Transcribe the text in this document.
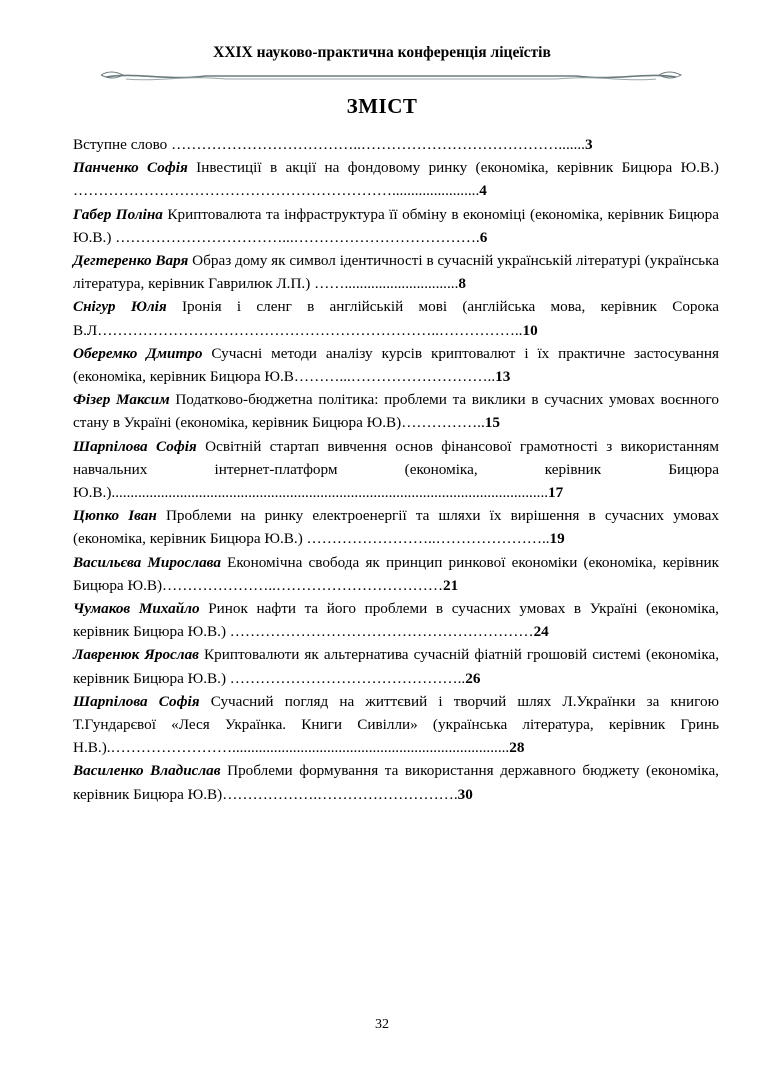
XXIX науково-практична конференція ліцеїстів
ЗМІСТ

Вступне слово ………………………………..………………………………….......3

Панченко Софія Інвестиції в акції на фондовому ринку (економіка, керівник Бицюра Ю.В.) ……………………………………………………….......................4

Габер Поліна Криптовалюта та інфраструктура її обміну в економіці (економіка, керівник Бицюра Ю.В.) ……………………………...……………………………….6

Дегтеренко Варя Образ дому як символ ідентичності в сучасній українській літературі (українська література, керівник Гаврилюк Л.П.) ……..............................8

Снігур Юлія Іронія і сленг в англійській мові (англійська мова, керівник Сорока В.Л…………………………………………………………..……………..10

Оберемко Дмитро Сучасні методи аналізу курсів криптовалют і їх практичне застосування (економіка, керівник Бицюра Ю.В………...………………………..13

Фізер Максим Податково-бюджетна політика: проблеми та виклики в сучасних умовах воєнного стану в Україні (економіка, керівник Бицюра Ю.В)……………..15

Шарпілова Софія Освітній стартап вивчення основ фінансової грамотності з використанням навчальних інтернет-платформ (економіка, керівник Бицюра Ю.В.)...................................................................................................................17

Цюпко Іван Проблеми на ринку електроенергії та шляхи їх вирішення в сучасних умовах (економіка, керівник Бицюра Ю.В.) ……………………..…………………..19

Васильєва Мирослава Економічна свобода як принцип ринкової економіки (економіка, керівник Бицюра Ю.В)…………………..……………………………21

Чумаков Михайло Ринок нафти та його проблеми в сучасних умовах в Україні (економіка, керівник Бицюра Ю.В.) ……………………………………………………24

Лавренюк Ярослав Криптовалюти як альтернатива сучасній фіатній грошовій системі (економіка, керівник Бицюра Ю.В.) ………………………………………..26

Шарпілова Софія Сучасний погляд на життєвий і творчий шлях Л.Українки за книгою Т.Гундарєвої «Леся Українка. Книги Сивілли» (українська література, керівник Гринь Н.В.).…………………….........................................................................28

Василенко Владислав Проблеми формування та використання державного бюджету (економіка, керівник Бицюра Ю.В)……………….……………………….30

32
